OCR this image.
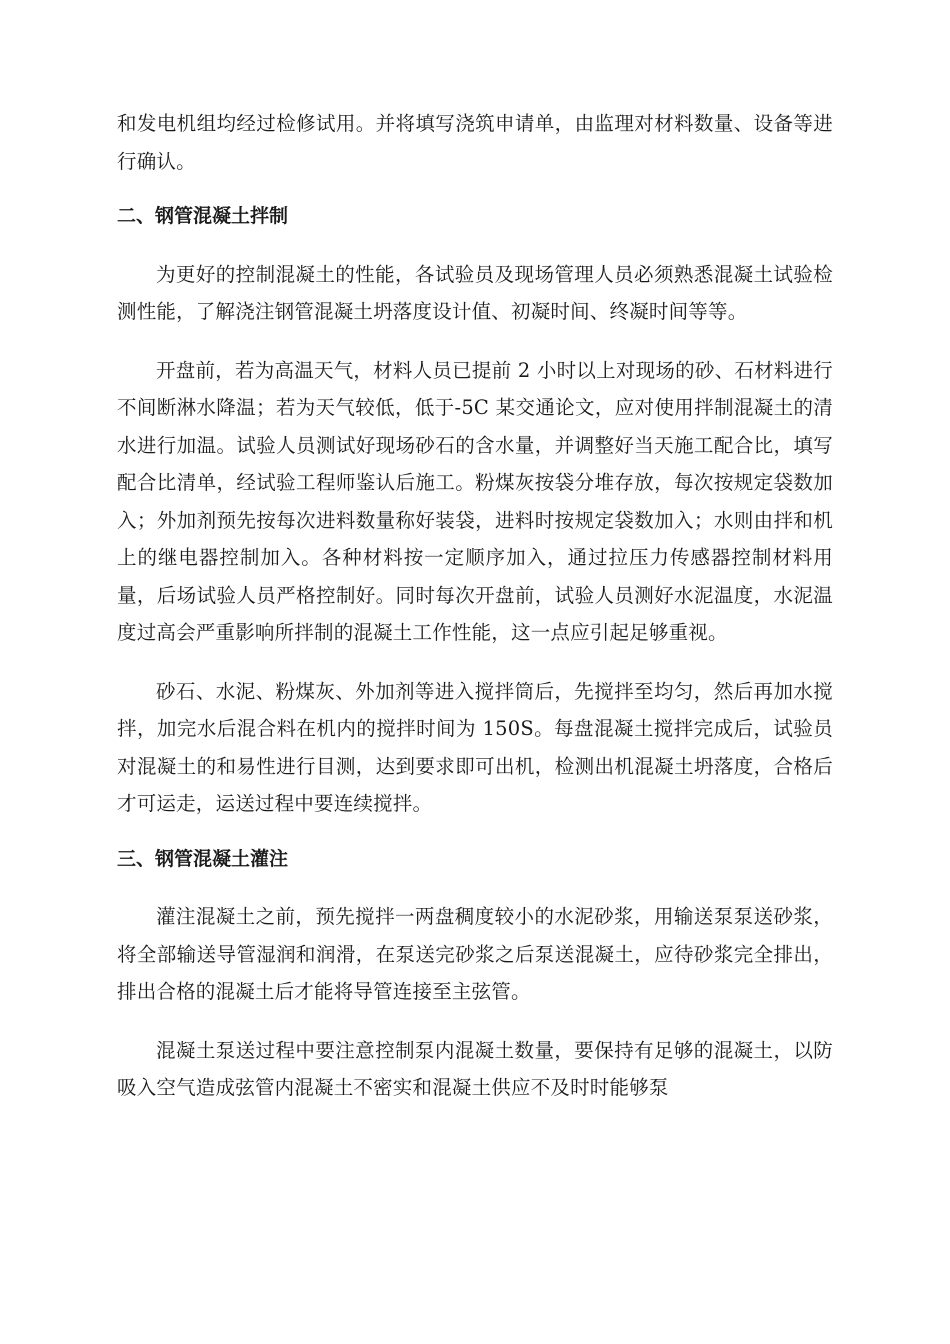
和发电机组均经过检修试用。并将填写浇筑申请单，由监理对材料数量、设备等进行确认。

二、钢管混凝土拌制

为更好的控制混凝土的性能，各试验员及现场管理人员必须熟悉混凝土试验检测性能，了解浇注钢管混凝土坍落度设计值、初凝时间、终凝时间等等。

开盘前，若为高温天气，材料人员已提前 2 小时以上对现场的砂、石材料进行不间断淋水降温；若为天气较低，低于-5C 某交通论文，应对使用拌制混凝土的清水进行加温。试验人员测试好现场砂石的含水量，并调整好当天施工配合比，填写配合比清单，经试验工程师鉴认后施工。粉煤灰按袋分堆存放，每次按规定袋数加入；外加剂预先按每次进料数量称好装袋，进料时按规定袋数加入；水则由拌和机上的继电器控制加入。各种材料按一定顺序加入，通过拉压力传感器控制材料用量，后场试验人员严格控制好。同时每次开盘前，试验人员测好水泥温度，水泥温度过高会严重影响所拌制的混凝土工作性能，这一点应引起足够重视。

砂石、水泥、粉煤灰、外加剂等进入搅拌筒后，先搅拌至均匀，然后再加水搅拌，加完水后混合料在机内的搅拌时间为 150S。每盘混凝土搅拌完成后，试验员对混凝土的和易性进行目测，达到要求即可出机，检测出机混凝土坍落度，合格后才可运走，运送过程中要连续搅拌。

三、钢管混凝土灌注

灌注混凝土之前，预先搅拌一两盘稠度较小的水泥砂浆，用输送泵泵送砂浆，将全部输送导管湿润和润滑，在泵送完砂浆之后泵送混凝土，应待砂浆完全排出，排出合格的混凝土后才能将导管连接至主弦管。

混凝土泵送过程中要注意控制泵内混凝土数量，要保持有足够的混凝土，以防吸入空气造成弦管内混凝土不密实和混凝土供应不及时时能够泵
